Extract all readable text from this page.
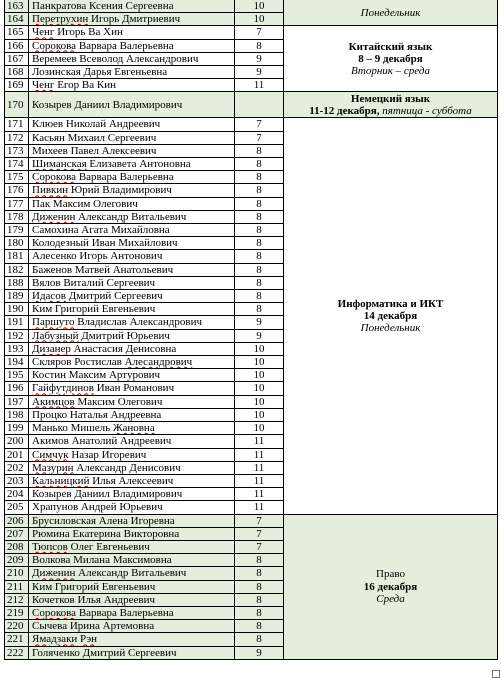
163	Панкратова Ксения Сергеевна	10	Понедельник
164	Перетрухин Игорь Дмитриевич	10	
165	Ченг Игорь Ва Хин	7	Китайский язык
8 – 9 декабря
Вторник – среда
166	Сорокова Варвара Валерьевна	8	
167	Веремеев Всеволод Александрович	9	
168	Лозинская Дарья Евгеньевна	9	
169	Ченг Егор Ва Кин	11	
170	Козырев Даниил Владимирович		Немецкий язык
11-12 декабря, пятница - суббота
171	Клюев Николай Андреевич	7	Информатика и ИКТ
14 декабря
Понедельник
172	Касьян Михаил Сергеевич	7	
173	Михеев Павел Алексеевич	8	
174	Шиманская Елизавета Антоновна	8	
175	Сорокова Варвара Валерьевна	8	
176	Пивкин Юрий Владимирович	8	
177	Пак Максим Олегович	8	
178	Диженин Александр Витальевич	8	
179	Самохина Агата Михайловна	8	
180	Колодезный Иван Михайлович	8	
181	Алесенко Игорь Антонович	8	
182	Баженов Матвей Анатольевич	8	
188	Вялов Виталий Сергеевич	8	
189	Идасов Дмитрий Сергеевич	8	
190	Ким Григорий Евгеньевич	8	
191	Паршуто Владислав Александрович	9	
192	Лабузный Дмитрий Юрьевич	9	
193	Дизанер Анастасия Денисовна	10	
194	Скляров Ростислав Алесандрович	10	
195	Костин Максим Артурович	10	
196	Гайфутдинов Иван Романович	10	
197	Акимцов Максим Олегович	10	
198	Процко Наталья Андреевна	10	
199	Манько Мишель Жановна	10	
200	Акимов Анатолий Андреевич	11	
201	Симчук Назар Игоревич	11	
202	Мазурин Александр Денисович	11	
203	Кальницкий Илья Алексеевич	11	
204	Козырев Даниил Владимирович	11	
205	Храпунов Андрей Юрьевич	11	
206	Брусиловская Алена Игоревна	7	Право
16 декабря
Среда
207	Рюмина Екатерина Викторовна	7	
208	Тюпсов Олег Евгеньевич	7	
209	Волкова Милана Максимовна	8	
210	Диженин Александр Витальевич	8	
211	Ким Григорий Евгеньевич	8	
212	Кочетков Илья Андреевич	8	
219	Сорокова Варвара Валерьевна	8	
220	Сычева Ирина Артемовна	8	
221	Ямадзаки Рэн	8	
222	Голяченко Дмитрий Сергеевич	9	
